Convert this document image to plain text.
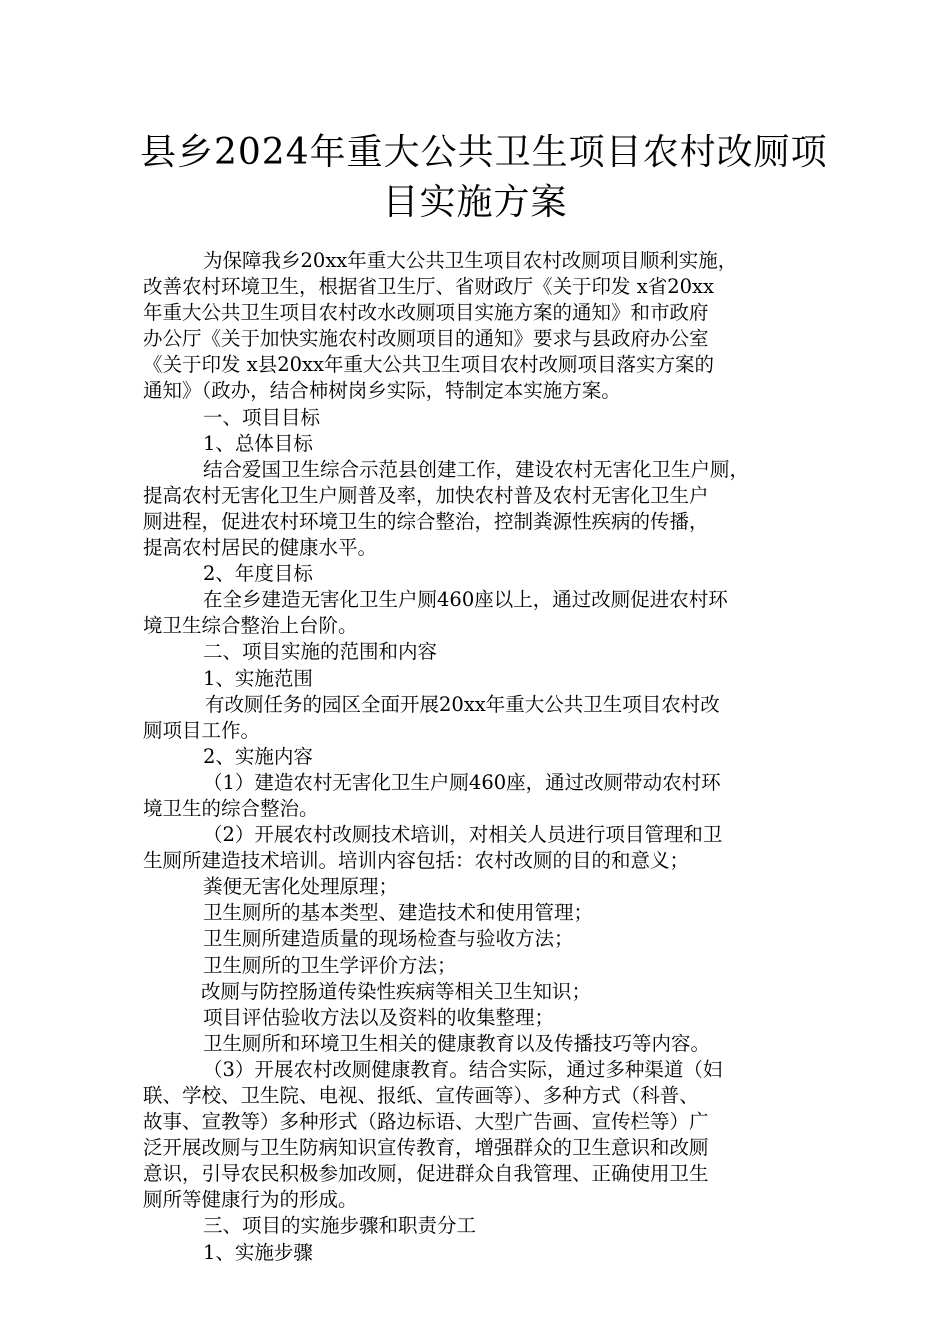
县乡2024年重大公共卫生项目农村改厕项
目实施方案

为保障我乡20xx年重大公共卫生项目农村改厕项目顺利实施，

改善农村环境卫生，根据省卫生厅、省财政厅《关于印发 x省20xx

年重大公共卫生项目农村改水改厕项目实施方案的通知》和市政府

办公厅《关于加快实施农村改厕项目的通知》要求与县政府办公室

《关于印发 x县20xx年重大公共卫生项目农村改厕项目落实方案的

通知》（政办，结合柿树岗乡实际，特制定本实施方案。

一、项目目标

1、总体目标

结合爱国卫生综合示范县创建工作，建设农村无害化卫生户厕，

提高农村无害化卫生户厕普及率，加快农村普及农村无害化卫生户

厕进程，促进农村环境卫生的综合整治，控制粪源性疾病的传播，

提高农村居民的健康水平。

2、年度目标

在全乡建造无害化卫生户厕460座以上，通过改厕促进农村环

境卫生综合整治上台阶。

二、项目实施的范围和内容

1、实施范围

有改厕任务的园区全面开展20xx年重大公共卫生项目农村改

厕项目工作。

2、实施内容

（1）建造农村无害化卫生户厕460座，通过改厕带动农村环

境卫生的综合整治。

（2）开展农村改厕技术培训，对相关人员进行项目管理和卫

生厕所建造技术培训。培训内容包括：农村改厕的目的和意义；

粪便无害化处理原理；

卫生厕所的基本类型、建造技术和使用管理；

卫生厕所建造质量的现场检查与验收方法；

卫生厕所的卫生学评价方法；

改厕与防控肠道传染性疾病等相关卫生知识；

项目评估验收方法以及资料的收集整理；

卫生厕所和环境卫生相关的健康教育以及传播技巧等内容。

（3）开展农村改厕健康教育。结合实际，通过多种渠道（妇

联、学校、卫生院、电视、报纸、宣传画等）、多种方式（科普、

故事、宣教等）多种形式（路边标语、大型广告画、宣传栏等）广

泛开展改厕与卫生防病知识宣传教育，增强群众的卫生意识和改厕

意识，引导农民积极参加改厕，促进群众自我管理、正确使用卫生

厕所等健康行为的形成。

三、项目的实施步骤和职责分工

1、实施步骤
